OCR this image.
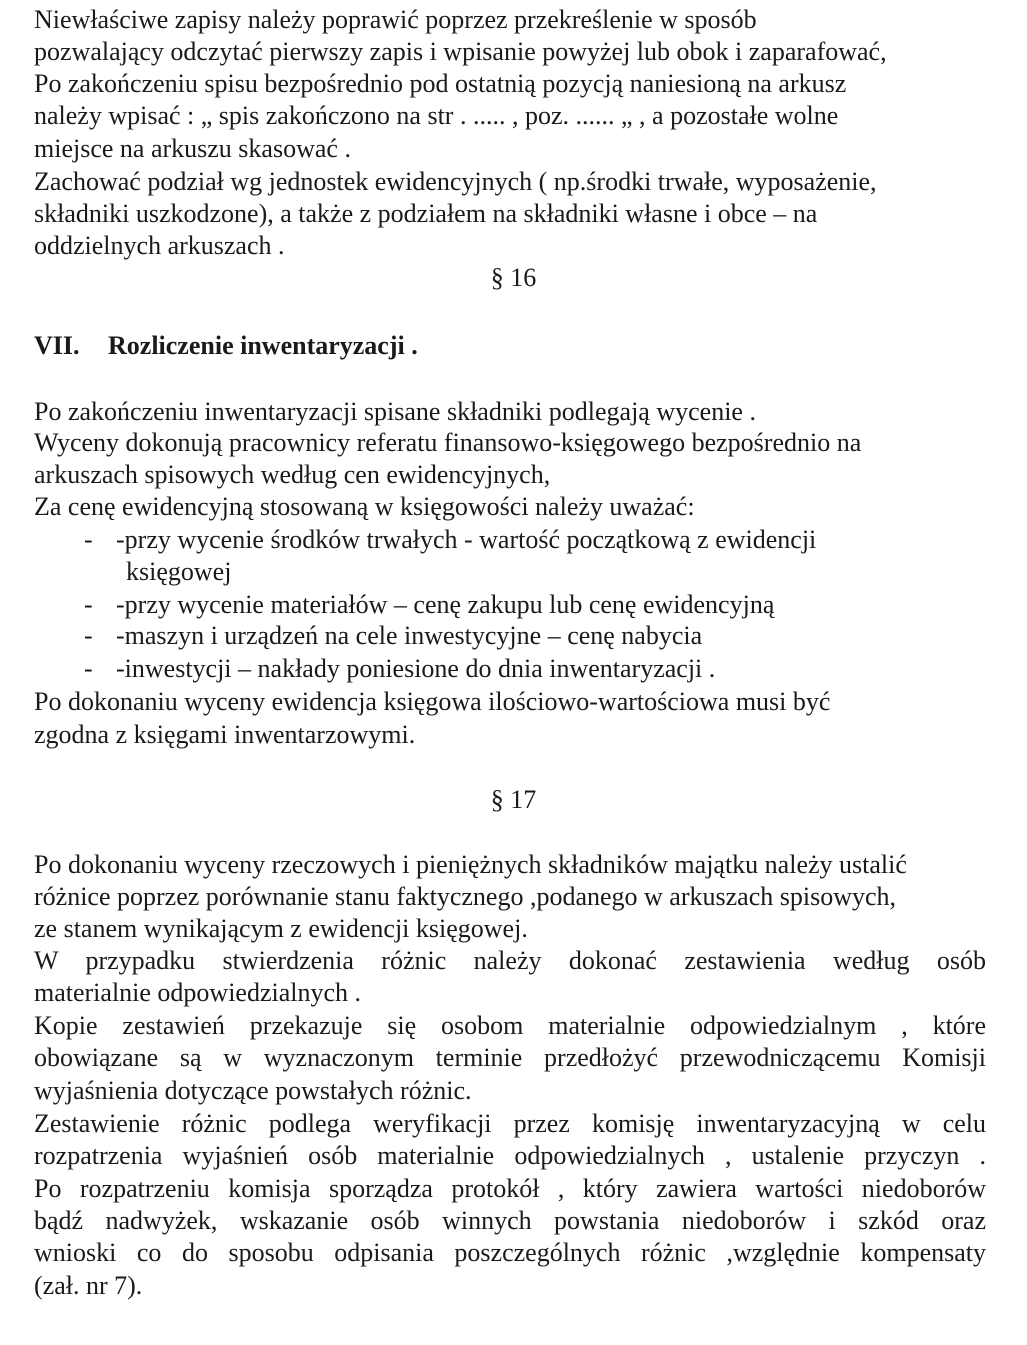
Niewłaściwe zapisy należy poprawić poprzez przekreślenie w sposób
pozwalający odczytać pierwszy zapis i wpisanie powyżej lub obok i zaparafować,
Po zakończeniu spisu bezpośrednio pod ostatnią pozycją naniesioną na arkusz
należy wpisać : „ spis zakończono na str . ..... , poz. ...... „ , a pozostałe wolne
miejsce na arkuszu skasować .
Zachować podział wg jednostek ewidencyjnych ( np.środki trwałe, wyposażenie,
składniki uszkodzone), a także z podziałem na składniki własne i obce – na
oddzielnych arkuszach .
§ 16
VII. Rozliczenie inwentaryzacji .
Po zakończeniu inwentaryzacji spisane składniki podlegają wycenie .
Wyceny dokonują pracownicy referatu finansowo-księgowego bezpośrednio na
arkuszach spisowych według cen ewidencyjnych,
Za cenę ewidencyjną stosowaną w księgowości należy uważać:
- -przy wycenie środków trwałych - wartość początkową z ewidencji
księgowej
- -przy wycenie materiałów – cenę zakupu lub cenę ewidencyjną
- -maszyn i urządzeń na cele inwestycyjne – cenę nabycia
- -inwestycji – nakłady poniesione do dnia inwentaryzacji .
Po dokonaniu wyceny ewidencja księgowa ilościowo-wartościowa musi być
zgodna z księgami inwentarzowymi.
§ 17
Po dokonaniu wyceny rzeczowych i pieniężnych składników majątku należy ustalić
różnice poprzez porównanie stanu faktycznego ,podanego w arkuszach spisowych,
ze stanem wynikającym z ewidencji księgowej.
W przypadku stwierdzenia różnic należy dokonać zestawienia według osób
materialnie odpowiedzialnych .
Kopie zestawień przekazuje się osobom materialnie odpowiedzialnym , które
obowiązane są w wyznaczonym terminie przedłożyć przewodniczącemu Komisji
wyjaśnienia dotyczące powstałych różnic.
Zestawienie różnic podlega weryfikacji przez komisję inwentaryzacyjną w celu
rozpatrzenia wyjaśnień osób materialnie odpowiedzialnych , ustalenie przyczyn .
Po rozpatrzeniu komisja sporządza protokół , który zawiera wartości niedoborów
bądź nadwyżek, wskazanie osób winnych powstania niedoborów i szkód oraz
wnioski co do sposobu odpisania poszczególnych różnic ,względnie kompensaty
(zał. nr 7).
